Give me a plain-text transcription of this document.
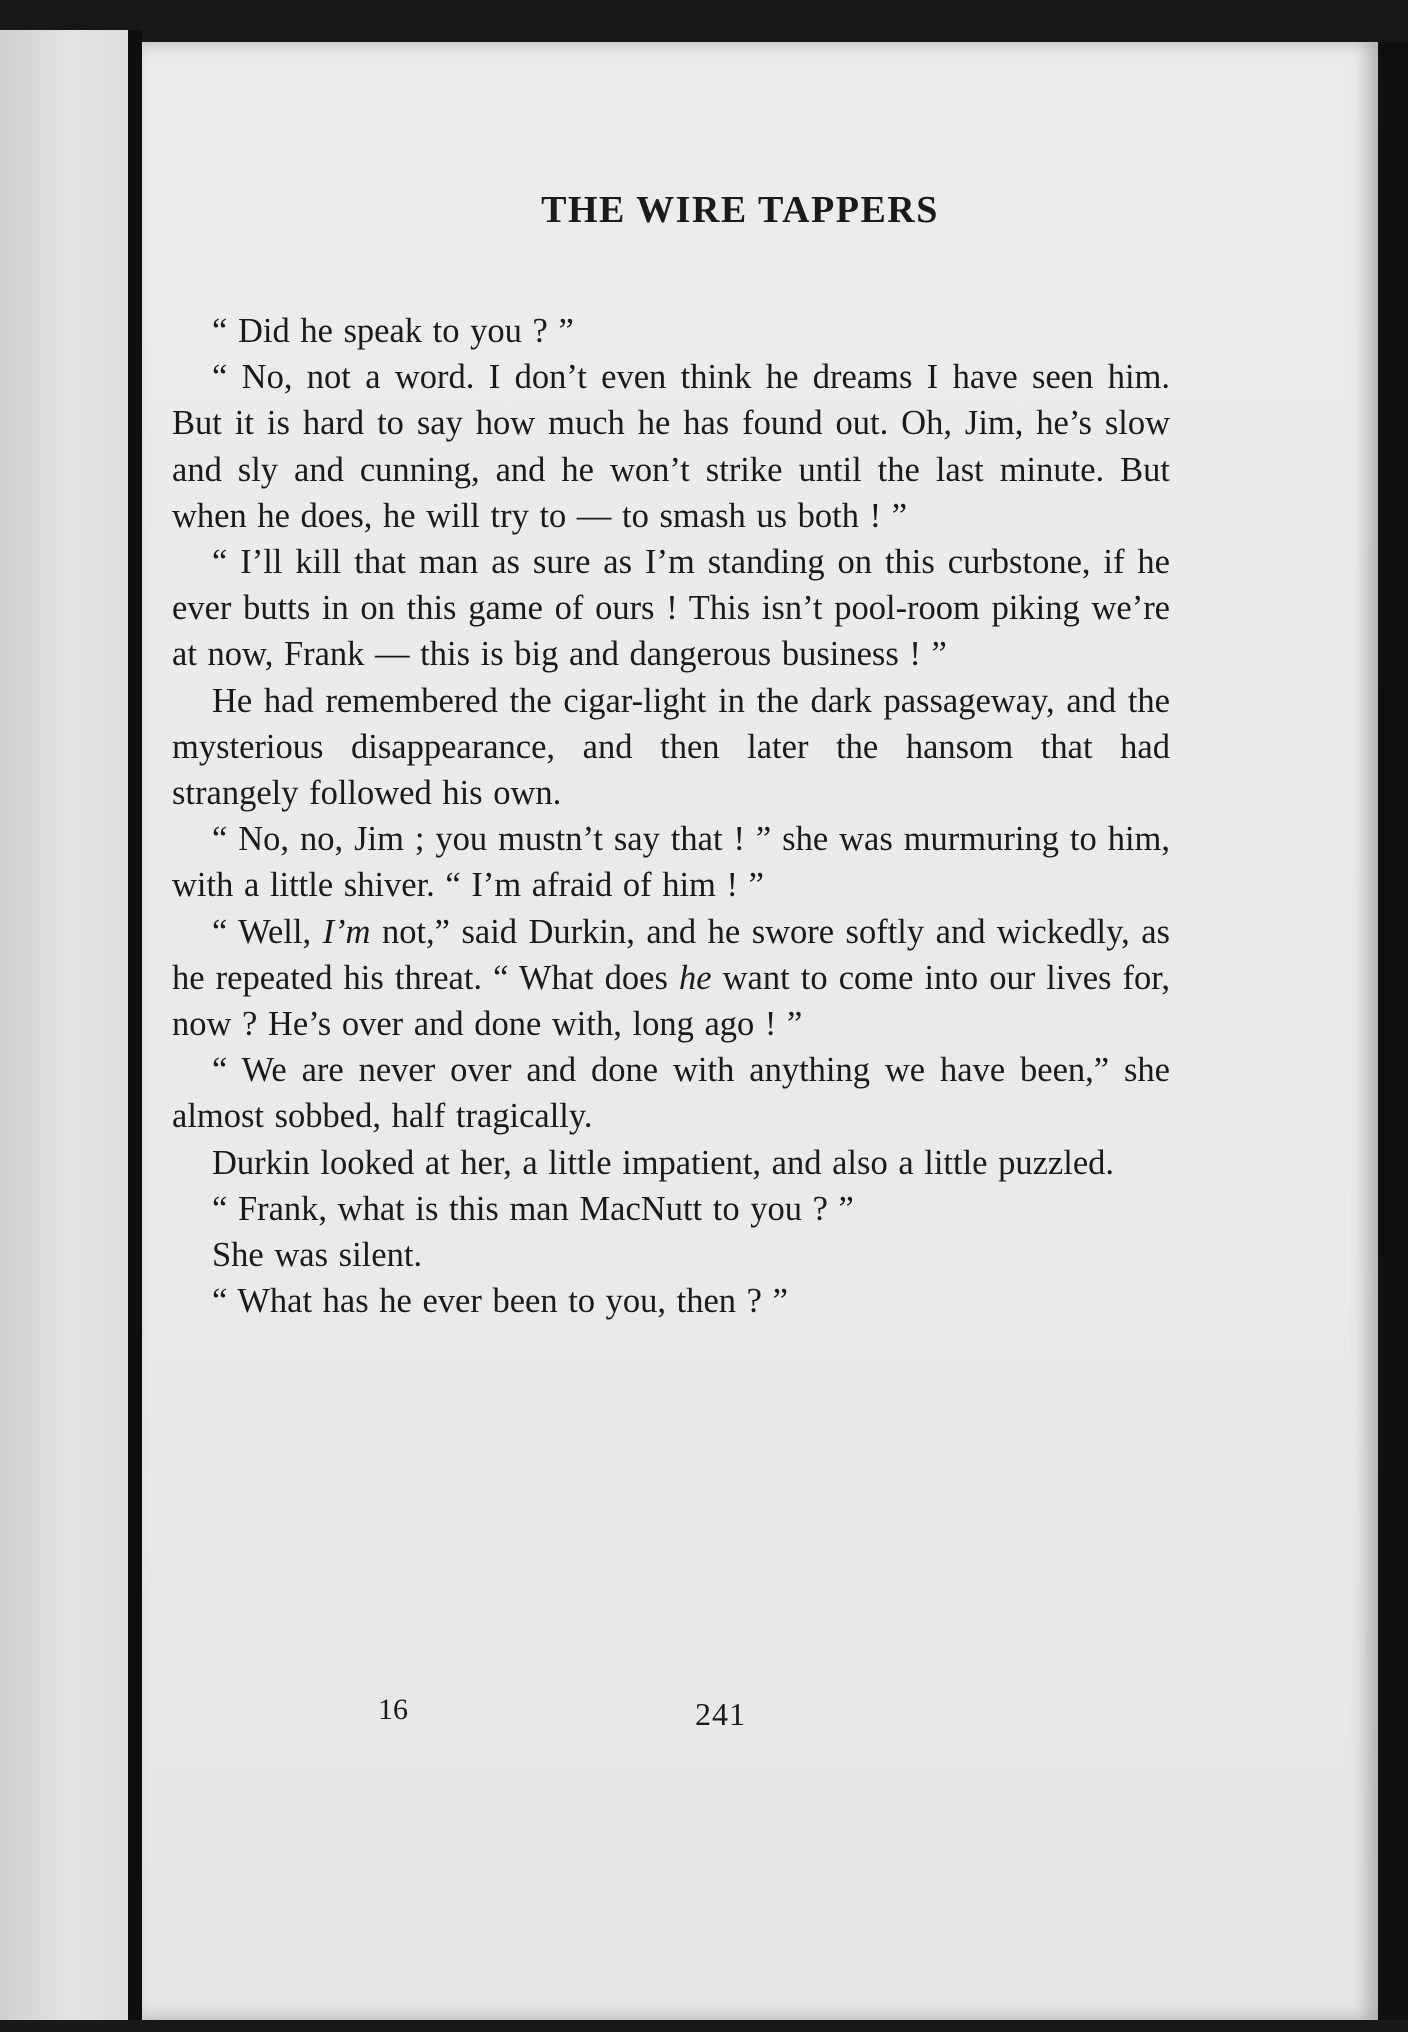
THE WIRE TAPPERS

“ Did he speak to you ? ”

“ No, not a word. I don’t even think he dreams I have seen him. But it is hard to say how much he has found out. Oh, Jim, he’s slow and sly and cunning, and he won’t strike until the last minute. But when he does, he will try to — to smash us both ! ”

“ I’ll kill that man as sure as I’m standing on this curbstone, if he ever butts in on this game of ours ! This isn’t pool-room piking we’re at now, Frank — this is big and dangerous business ! ”

He had remembered the cigar-light in the dark passageway, and the mysterious disappearance, and then later the hansom that had strangely followed his own.

“ No, no, Jim ; you mustn’t say that ! ” she was murmuring to him, with a little shiver. “ I’m afraid of him ! ”

“ Well, I’m not,” said Durkin, and he swore softly and wickedly, as he repeated his threat. “ What does he want to come into our lives for, now ? He’s over and done with, long ago ! ”

“ We are never over and done with anything we have been,” she almost sobbed, half tragically.

Durkin looked at her, a little impatient, and also a little puzzled.

“ Frank, what is this man MacNutt to you ? ”

She was silent.

“ What has he ever been to you, then ? ”

16	241
